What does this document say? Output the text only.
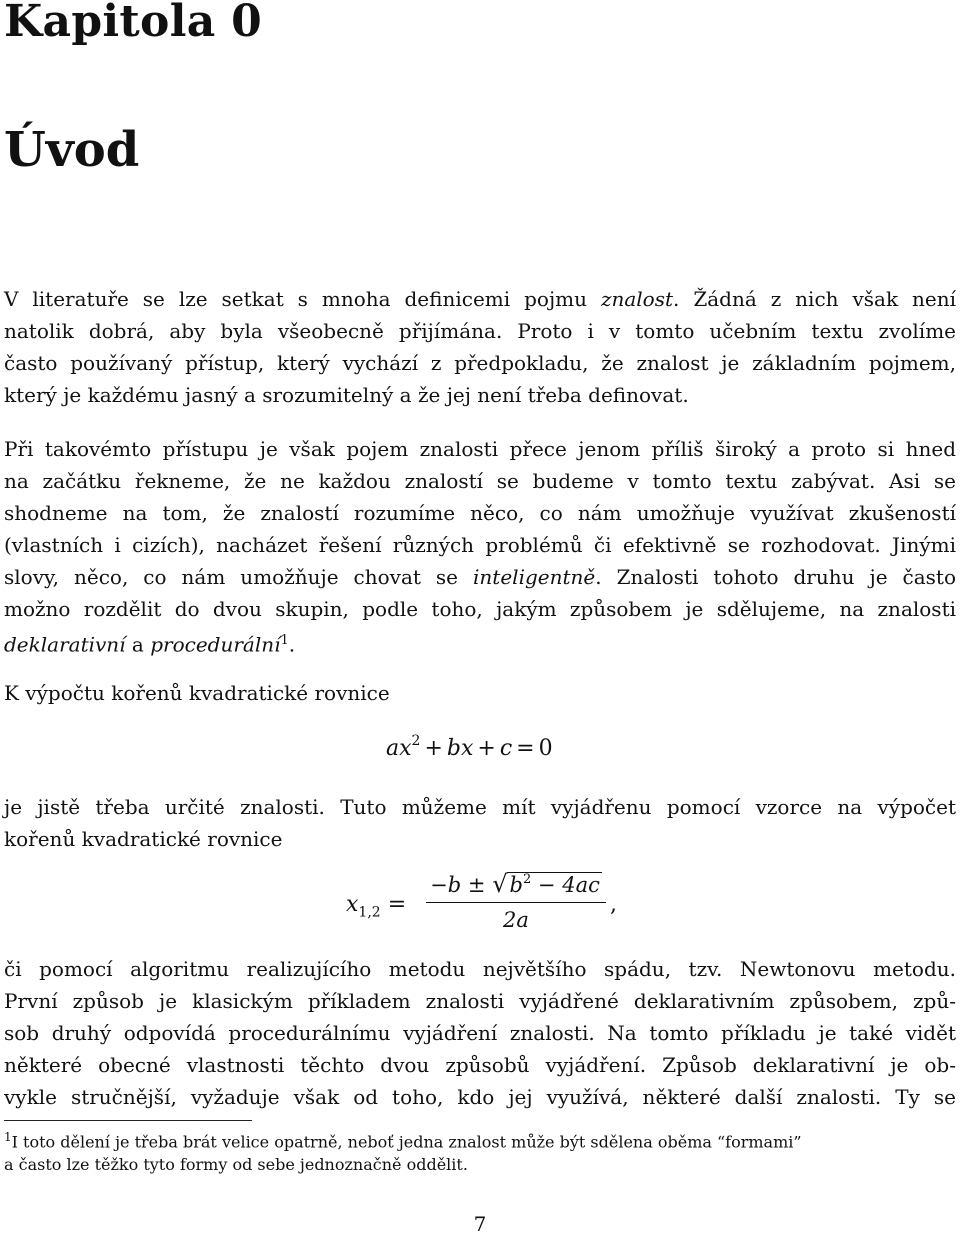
Kapitola 0
Úvod
V literatuře se lze setkat s mnoha definicemi pojmu znalost. Žádná z nich však není
natolik dobrá, aby byla všeobecně přijímána. Proto i v tomto učebním textu zvolíme
často používaný přístup, který vychází z předpokladu, že znalost je základním pojmem,
který je každému jasný a srozumitelný a že jej není třeba definovat.
Při takovémto přístupu je však pojem znalosti přece jenom příliš široký a proto si hned
na začátku řekneme, že ne každou znalostí se budeme v tomto textu zabývat. Asi se
shodneme na tom, že znalostí rozumíme něco, co nám umožňuje využívat zkušeností
(vlastních i cizích), nacházet řešení různých problémů či efektivně se rozhodovat. Jinými
slovy, něco, co nám umožňuje chovat se inteligentně. Znalosti tohoto druhu je často
možno rozdělit do dvou skupin, podle toho, jakým způsobem je sdělujeme, na znalosti
deklarativní a procedurální$^1$.
K výpočtu kořenů kvadratické rovnice
$ax^2$ + bx + c = 0
je jistě třeba určité znalosti. Tuto můžeme mít vyjádřenu pomocí vzorce na výpočet
kořenů kvadratické rovnice
$x_{1,2}$ =
$-b \pm √b^2 - 4ac$
2a
,
či pomocí algoritmu realizujícího metodu největšího spádu, tzv. Newtonovu metodu.
První způsob je klasickým příkladem znalosti vyjádřené deklarativním způsobem, způ-
sob druhý odpovídá procedurálnímu vyjádření znalosti. Na tomto příkladu je také vidět
některé obecné vlastnosti těchto dvou způsobů vyjádření. Způsob deklarativní je ob-
vykle stručnější, vyžaduje však od toho, kdo jej využívá, některé další znalosti. Ty se
$^1$I toto dělení je třeba brát velice opatrně, neboť jedna znalost může být sdělena oběma “formami”
a často lze těžko tyto formy od sebe jednoznačně oddělit.
7
